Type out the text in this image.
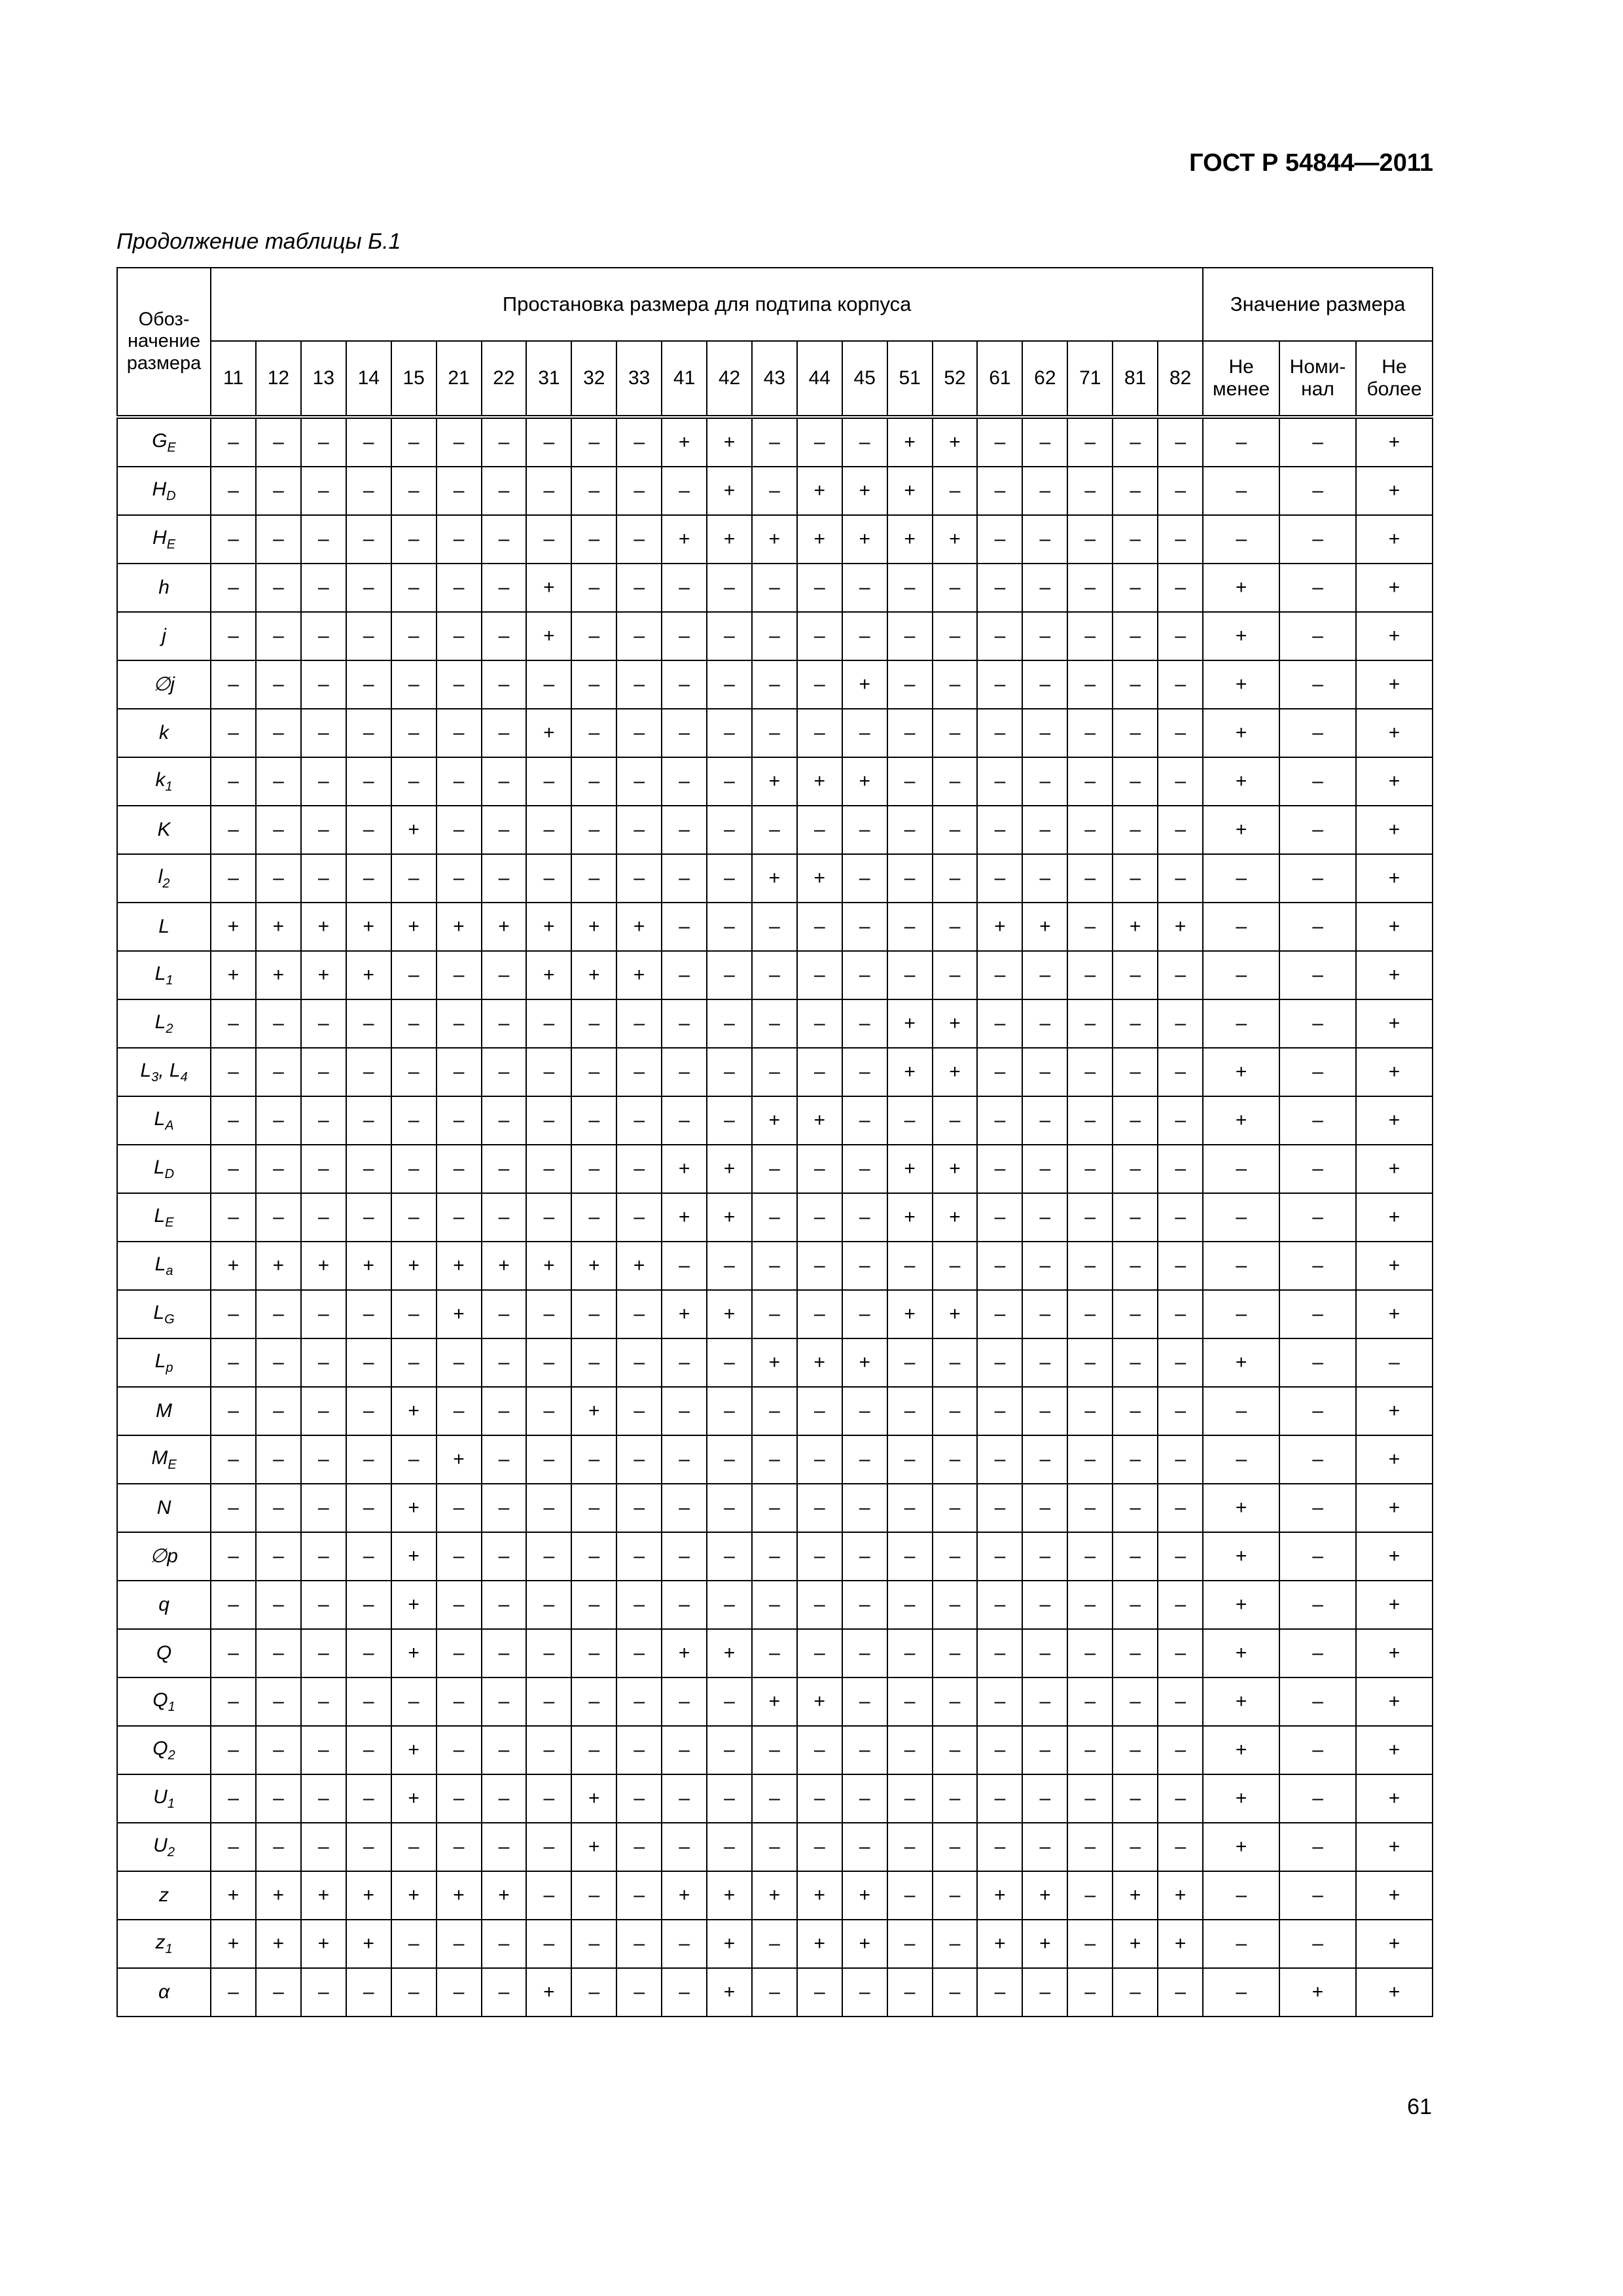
ГОСТ Р 54844—2011
Продолжение таблицы Б.1
Обоз-начение размера	Простановка размера для подтипа корпуса																						Значение размера		
	11	12	13	14	15	21	22	31	32	33	41	42	43	44	45	51	52	61	62	71	81	82	Не менее	Номи-нал	Не более
$G_E$	–	–	–	–	–	–	–	–	–	–	+	+	–	–	–	+	+	–	–	–	–	–	–	–	+
$H_D$	–	–	–	–	–	–	–	–	–	–	–	+	–	+	+	+	–	–	–	–	–	–	–	–	+
$H_E$	–	–	–	–	–	–	–	–	–	–	+	+	+	+	+	+	+	–	–	–	–	–	–	–	+
h	–	–	–	–	–	–	–	+	–	–	–	–	–	–	–	–	–	–	–	–	–	–	+	–	+
j	–	–	–	–	–	–	–	+	–	–	–	–	–	–	–	–	–	–	–	–	–	–	+	–	+
∅j	–	–	–	–	–	–	–	–	–	–	–	–	–	–	+	–	–	–	–	–	–	–	+	–	+
k	–	–	–	–	–	–	–	+	–	–	–	–	–	–	–	–	–	–	–	–	–	–	+	–	+
$k_1$	–	–	–	–	–	–	–	–	–	–	–	–	+	+	+	–	–	–	–	–	–	–	+	–	+
K	–	–	–	–	+	–	–	–	–	–	–	–	–	–	–	–	–	–	–	–	–	–	+	–	+
$l_2$	–	–	–	–	–	–	–	–	–	–	–	–	+	+	–	–	–	–	–	–	–	–	–	–	+
L	+	+	+	+	+	+	+	+	+	+	–	–	–	–	–	–	–	+	+	–	+	+	–	–	+
$L_1$	+	+	+	+	–	–	–	+	+	+	–	–	–	–	–	–	–	–	–	–	–	–	–	–	+
$L_2$	–	–	–	–	–	–	–	–	–	–	–	–	–	–	–	+	+	–	–	–	–	–	–	–	+
$L_3$, $L_4$	–	–	–	–	–	–	–	–	–	–	–	–	–	–	–	+	+	–	–	–	–	–	+	–	+
$L_A$	–	–	–	–	–	–	–	–	–	–	–	–	+	+	–	–	–	–	–	–	–	–	+	–	+
$L_D$	–	–	–	–	–	–	–	–	–	–	+	+	–	–	–	+	+	–	–	–	–	–	–	–	+
$L_E$	–	–	–	–	–	–	–	–	–	–	+	+	–	–	–	+	+	–	–	–	–	–	–	–	+
$L_a$	+	+	+	+	+	+	+	+	+	+	–	–	–	–	–	–	–	–	–	–	–	–	–	–	+
$L_G$	–	–	–	–	–	+	–	–	–	–	+	+	–	–	–	+	+	–	–	–	–	–	–	–	+
$L_p$	–	–	–	–	–	–	–	–	–	–	–	–	+	+	+	–	–	–	–	–	–	–	+	–	–
M	–	–	–	–	+	–	–	–	+	–	–	–	–	–	–	–	–	–	–	–	–	–	–	–	+
$M_E$	–	–	–	–	–	+	–	–	–	–	–	–	–	–	–	–	–	–	–	–	–	–	–	–	+
N	–	–	–	–	+	–	–	–	–	–	–	–	–	–	–	–	–	–	–	–	–	–	+	–	+
∅p	–	–	–	–	+	–	–	–	–	–	–	–	–	–	–	–	–	–	–	–	–	–	+	–	+
q	–	–	–	–	+	–	–	–	–	–	–	–	–	–	–	–	–	–	–	–	–	–	+	–	+
Q	–	–	–	–	+	–	–	–	–	–	+	+	–	–	–	–	–	–	–	–	–	–	+	–	+
$Q_1$	–	–	–	–	–	–	–	–	–	–	–	–	+	+	–	–	–	–	–	–	–	–	+	–	+
$Q_2$	–	–	–	–	+	–	–	–	–	–	–	–	–	–	–	–	–	–	–	–	–	–	+	–	+
$U_1$	–	–	–	–	+	–	–	–	+	–	–	–	–	–	–	–	–	–	–	–	–	–	+	–	+
$U_2$	–	–	–	–	–	–	–	–	+	–	–	–	–	–	–	–	–	–	–	–	–	–	+	–	+
z	+	+	+	+	+	+	+	–	–	–	+	+	+	+	+	–	–	+	+	–	+	+	–	–	+
$z_1$	+	+	+	+	–	–	–	–	–	–	–	+	–	+	+	–	–	+	+	–	+	+	–	–	+
α	–	–	–	–	–	–	–	+	–	–	–	+	–	–	–	–	–	–	–	–	–	–	–	+	+
61
